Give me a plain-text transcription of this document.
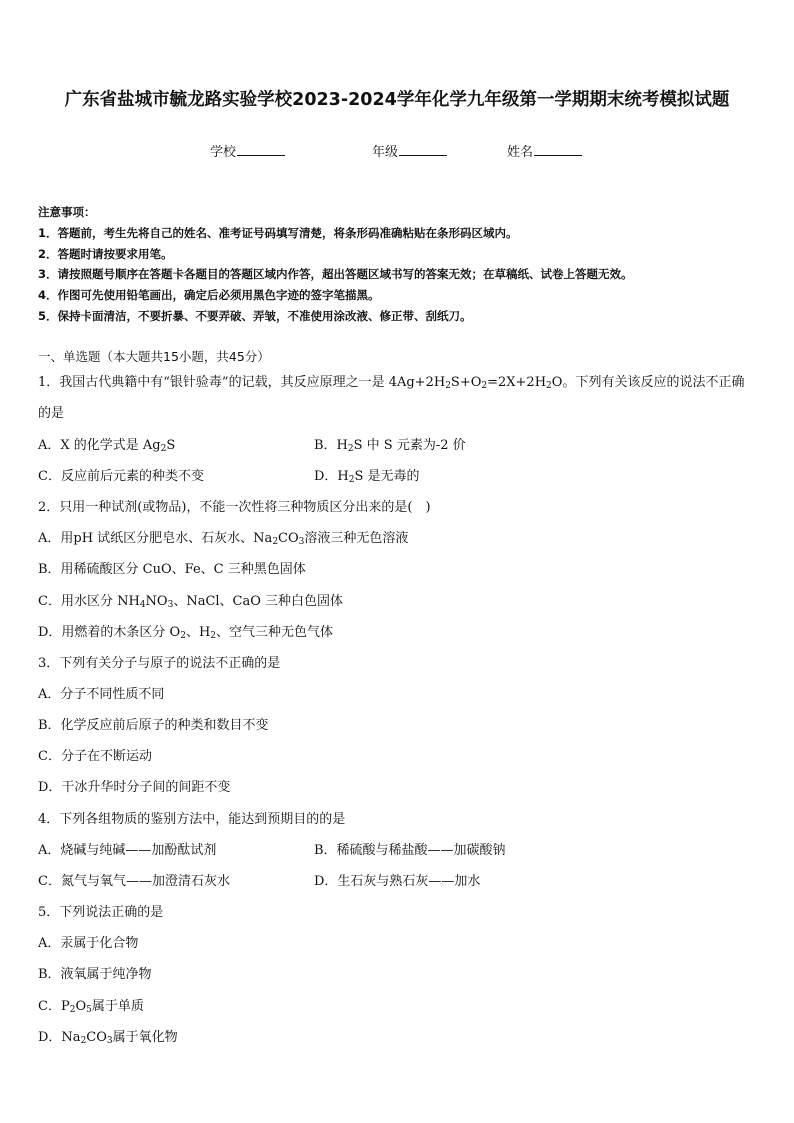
广东省盐城市毓龙路实验学校2023-2024学年化学九年级第一学期期末统考模拟试题
学校	年级	姓名
注意事项：
1．答题前，考生先将自己的姓名、准考证号码填写清楚，将条形码准确粘贴在条形码区域内。
2．答题时请按要求用笔。
3．请按照题号顺序在答题卡各题目的答题区域内作答，超出答题区域书写的答案无效；在草稿纸、试卷上答题无效。
4．作图可先使用铅笔画出，确定后必须用黑色字迹的签字笔描黑。
5．保持卡面清洁，不要折暴、不要弄破、弄皱，不准使用涂改液、修正带、刮纸刀。
一、单选题（本大题共15小题，共45分）
1．我国古代典籍中有“银针验毒”的记载，其反应原理之一是 $4Ag+2H_2S+O_2=2X+2H_2O$。下列有关该反应的说法不正确
的是
A．X 的化学式是 $Ag_2S$	B．$H_2S$ 中 S 元素为-2 价
C．反应前后元素的种类不变	D．$H_2S$ 是无毒的
2．只用一种试剂(或物品)，不能一次性将三种物质区分出来的是(　)
A．用pH 试纸区分肥皂水、石灰水、$Na_2CO_3$溶液三种无色溶液
B．用稀硫酸区分 CuO、Fe、C 三种黑色固体
C．用水区分 $NH_4NO_3$、NaCl、CaO 三种白色固体
D．用燃着的木条区分 $O_2$、$H_2$、空气三种无色气体
3．下列有关分子与原子的说法不正确的是
A．分子不同性质不同
B．化学反应前后原子的种类和数目不变
C．分子在不断运动
D．干冰升华时分子间的间距不变
4．下列各组物质的鉴别方法中，能达到预期目的的是
A．烧碱与纯碱——加酚酞试剂	B．稀硫酸与稀盐酸——加碳酸钠
C．氮气与氧气——加澄清石灰水	D．生石灰与熟石灰——加水
5．下列说法正确的是
A．汞属于化合物
B．液氧属于纯净物
C．$P_2O_5$属于单质
D．$Na_2CO_3$属于氧化物
